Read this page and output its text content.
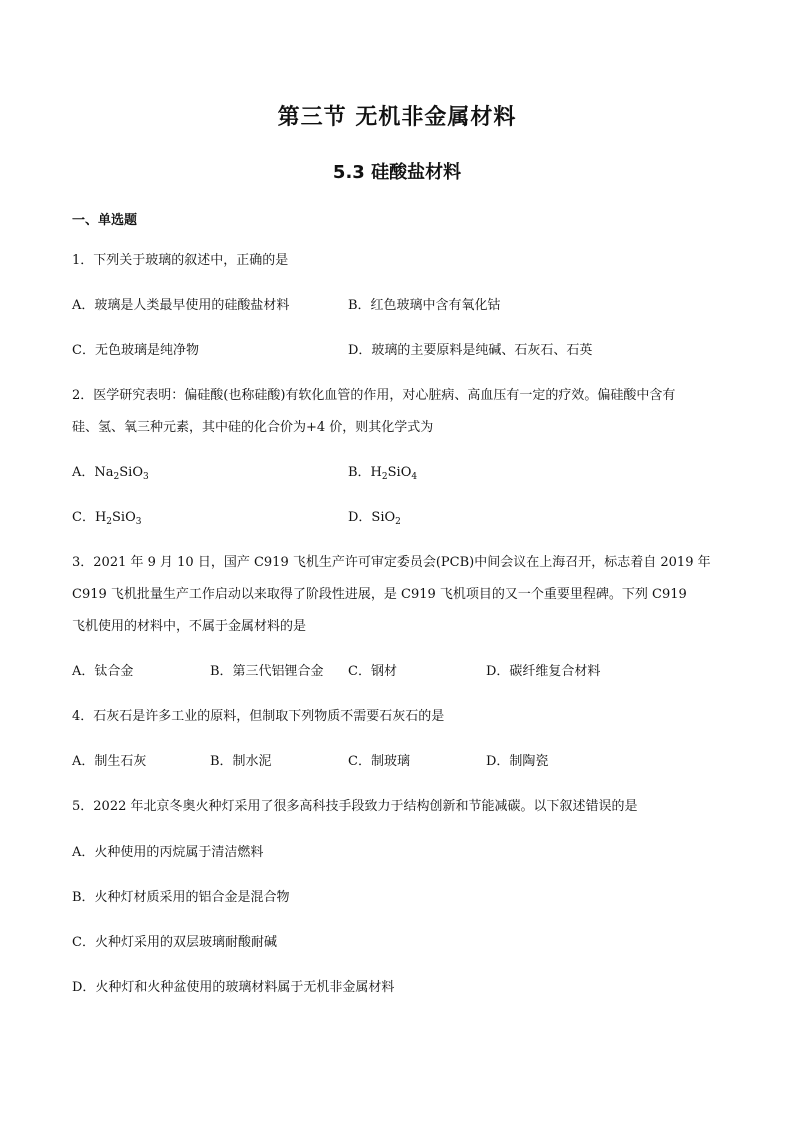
第三节 无机非金属材料
5.3 硅酸盐材料
一、单选题
1．下列关于玻璃的叙述中，正确的是
A．玻璃是人类最早使用的硅酸盐材料	B．红色玻璃中含有氧化钴
C．无色玻璃是纯净物	D．玻璃的主要原料是纯碱、石灰石、石英
2．医学研究表明：偏硅酸(也称硅酸)有软化血管的作用，对心脏病、高血压有一定的疗效。偏硅酸中含有
硅、氢、氧三种元素，其中硅的化合价为+4 价，则其化学式为
A．$Na_2SiO_3$	B．$H_2SiO_4$
C．$H_2SiO_3$	D．SiO$_2$
3．2021 年 9 月 10 日，国产 C919 飞机生产许可审定委员会(PCB)中间会议在上海召开，标志着自 2019 年
C919 飞机批量生产工作启动以来取得了阶段性进展，是 C919 飞机项目的又一个重要里程碑。下列 C919
飞机使用的材料中，不属于金属材料的是
A．钛合金	B．第三代铝锂合金 C．钢材	D．碳纤维复合材料
4．石灰石是许多工业的原料，但制取下列物质不需要石灰石的是
A．制生石灰	B．制水泥	C．制玻璃	D．制陶瓷
5．2022 年北京冬奥火种灯采用了很多高科技手段致力于结构创新和节能减碳。以下叙述错误的是
A．火种使用的丙烷属于清洁燃料
B．火种灯材质采用的铝合金是混合物
C．火种灯采用的双层玻璃耐酸耐碱
D．火种灯和火种盆使用的玻璃材料属于无机非金属材料
